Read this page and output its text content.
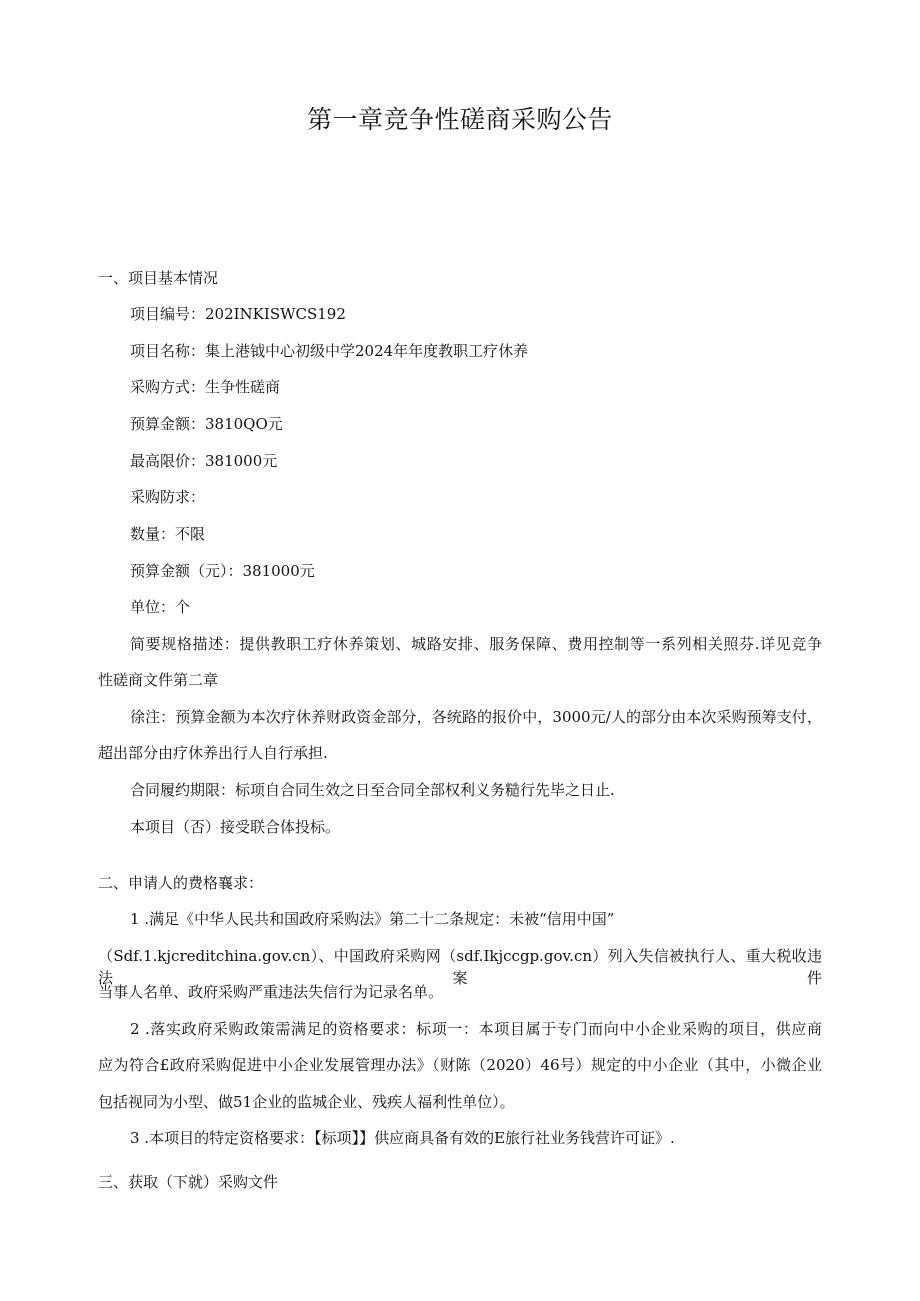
第一章竞争性磋商采购公告
一、项目基本情况
项目编号：202INKISWCS192
项目名称：集上港钺中心初级中学2024年年度教职工疗休养
采购方式：生争性磋商
预算金额：3810QO元
最高限价：381000元
采购防求：
数量：不限
预算金额（元）：381000元
单位：个
简要规格描述：提供教职工疗休养策划、城路安排、服务保障、费用控制等一系列相关照芬.详见竞争
性磋商文件第二章
徐注：预算金额为本次疗休养财政资金部分，各统路的报价中，3000元/人的部分由本次采购预筹支付，
超出部分由疗休养出行人自行承担.
合同履约期限：标项自合同生效之日至合同全部权利义务糙行先毕之日止.
本项目（否）接受联合体投标。
二、申请人的费格襄求：
1 .满足《中华人民共和国政府采购法》第二十二条规定：未被“信用中国”
（Sdf.1.kjcreditchina.gov.cn）、中国政府采购网（sdf.Ikjccgp.gov.cn）列入失信被执行人、重大税收违法案件
当事人名单、政府采购严重违法失信行为记录名单。
2 .落实政府采购政策需满足的资格要求：标项一：本项目属于专门而向中小企业采购的项目，供应商
应为符合£政府采购促进中小企业发展管理办法》（财陈（2020）46号）规定的中小企业（其中，小微企业
包括视同为小型、做51企业的监城企业、残疾人福利性单位）。
3 .本项目的特定资格要求：【标项】】供应商具备有效的E旅行社业务钱营许可证》.
三、获取（下就）采购文件
